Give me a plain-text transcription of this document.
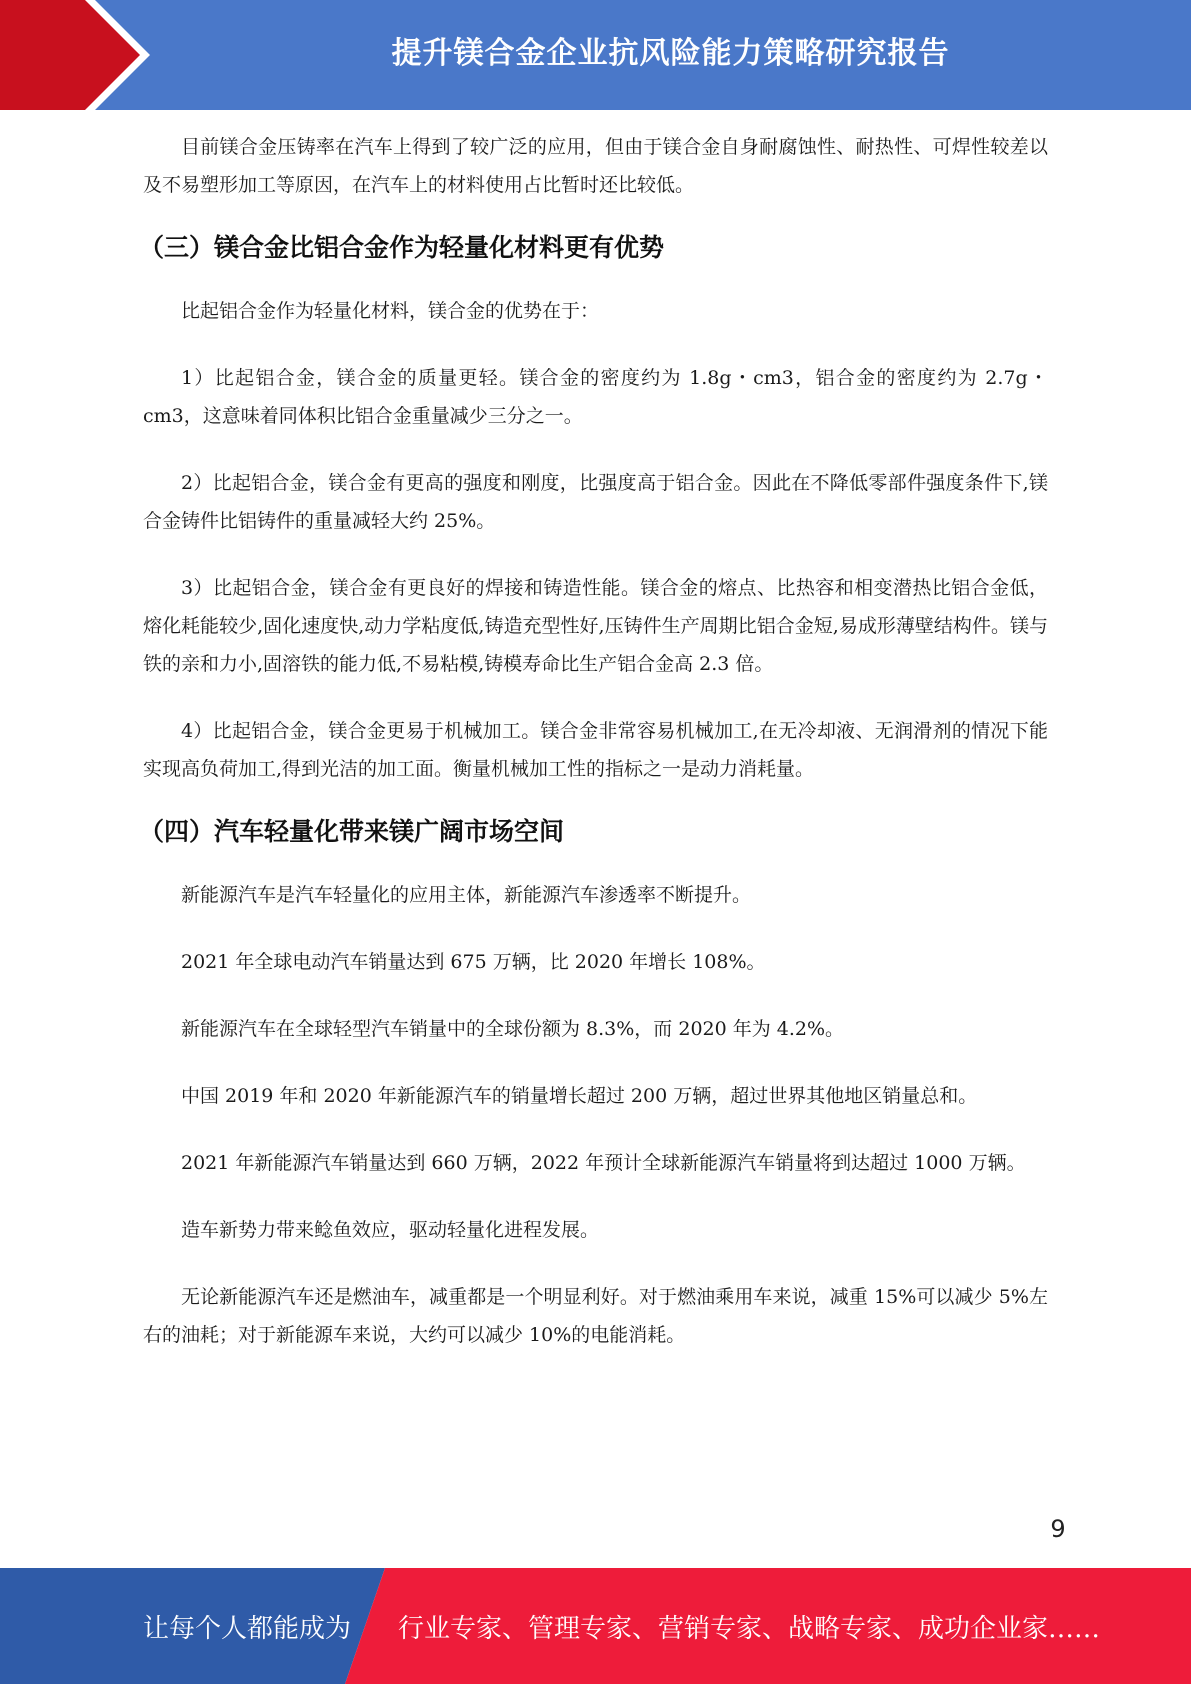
提升镁合金企业抗风险能力策略研究报告

目前镁合金压铸率在汽车上得到了较广泛的应用，但由于镁合金自身耐腐蚀性、耐热性、可焊性较差以及不易塑形加工等原因，在汽车上的材料使用占比暂时还比较低。

（三）镁合金比铝合金作为轻量化材料更有优势

比起铝合金作为轻量化材料，镁合金的优势在于：

1）比起铝合金，镁合金的质量更轻。镁合金的密度约为 1.8g・cm3，铝合金的密度约为 2.7g・cm3，这意味着同体积比铝合金重量减少三分之一。

2）比起铝合金，镁合金有更高的强度和刚度，比强度高于铝合金。因此在不降低零部件强度条件下,镁合金铸件比铝铸件的重量减轻大约 25%。

3）比起铝合金，镁合金有更良好的焊接和铸造性能。镁合金的熔点、比热容和相变潜热比铝合金低，熔化耗能较少,固化速度快,动力学粘度低,铸造充型性好,压铸件生产周期比铝合金短,易成形薄壁结构件。镁与铁的亲和力小,固溶铁的能力低,不易粘模,铸模寿命比生产铝合金高 2.3 倍。

4）比起铝合金，镁合金更易于机械加工。镁合金非常容易机械加工,在无冷却液、无润滑剂的情况下能实现高负荷加工,得到光洁的加工面。衡量机械加工性的指标之一是动力消耗量。

（四）汽车轻量化带来镁广阔市场空间

新能源汽车是汽车轻量化的应用主体，新能源汽车渗透率不断提升。

2021 年全球电动汽车销量达到 675 万辆，比 2020 年增长 108%。

新能源汽车在全球轻型汽车销量中的全球份额为 8.3%，而 2020 年为 4.2%。

中国 2019 年和 2020 年新能源汽车的销量增长超过 200 万辆，超过世界其他地区销量总和。

2021 年新能源汽车销量达到 660 万辆，2022 年预计全球新能源汽车销量将到达超过 1000 万辆。

造车新势力带来鲶鱼效应，驱动轻量化进程发展。

无论新能源汽车还是燃油车，减重都是一个明显利好。对于燃油乘用车来说，减重 15%可以减少 5%左右的油耗；对于新能源车来说，大约可以减少 10%的电能消耗。

9
让每个人都能成为 行业专家、管理专家、营销专家、战略专家、成功企业家……
